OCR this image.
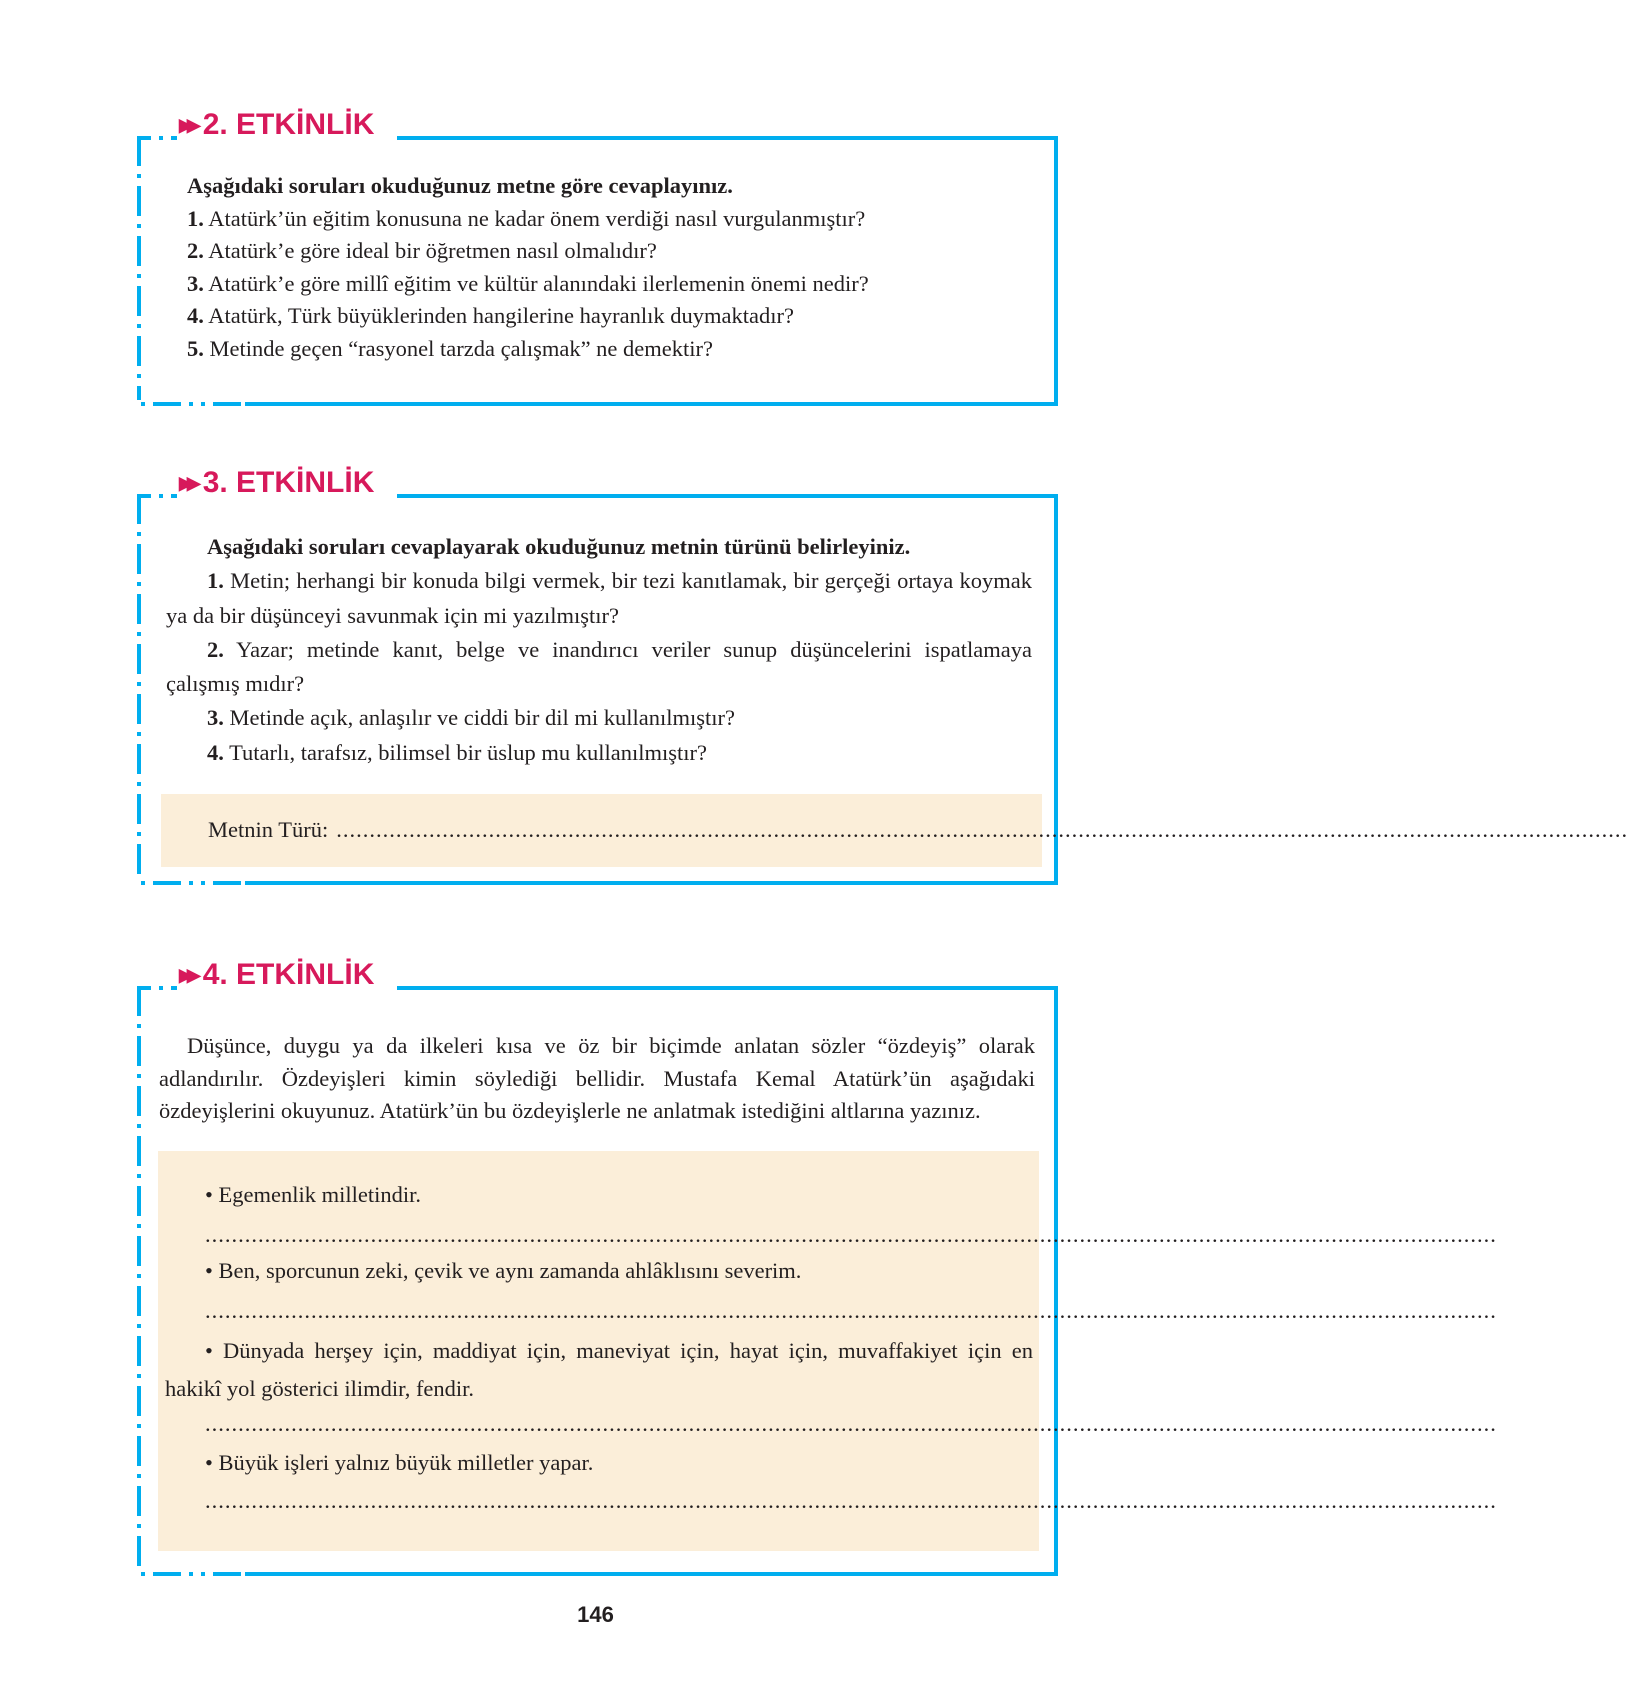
▶▶ 2. ETKİNLİK

Aşağıdaki soruları okuduğunuz metne göre cevaplayınız.

1. Atatürk’ün eğitim konusuna ne kadar önem verdiği nasıl vurgulanmıştır?

2. Atatürk’e göre ideal bir öğretmen nasıl olmalıdır?

3. Atatürk’e göre millî eğitim ve kültür alanındaki ilerlemenin önemi nedir?

4. Atatürk, Türk büyüklerinden hangilerine hayranlık duymaktadır?

5. Metinde geçen “rasyonel tarzda çalışmak” ne demektir?

▶▶ 3. ETKİNLİK

Aşağıdaki soruları cevaplayarak okuduğunuz metnin türünü belirleyiniz.

1. Metin; herhangi bir konuda bilgi vermek, bir tezi kanıtlamak, bir gerçeği ortaya koymak ya da bir düşünceyi savunmak için mi yazılmıştır?

2. Yazar; metinde kanıt, belge ve inandırıcı veriler sunup düşüncelerini ispatlamaya çalışmış mıdır?

3. Metinde açık, anlaşılır ve ciddi bir dil mi kullanılmıştır?

4. Tutarlı, tarafsız, bilimsel bir üslup mu kullanılmıştır?

Metnin Türü: ...................................................................................................................................................................................................
▶▶ 4. ETKİNLİK
Düşünce, duygu ya da ilkeleri kısa ve öz bir biçimde anlatan sözler “özdeyiş” olarak adlandırılır. Özdeyişleri kimin söylediği bellidir. Mustafa Kemal Atatürk’ün aşağıdaki özdeyişlerini okuyunuz. Atatürk’ün bu özdeyişlerle ne anlatmak istediğini altlarına yazınız.
• Egemenlik milletindir.
...................................................................................................................................................................................................
• Ben, sporcunun zeki, çevik ve aynı zamanda ahlâklısını severim.
...................................................................................................................................................................................................
• Dünyada herşey için, maddiyat için, maneviyat için, hayat için, muvaffakiyet için en hakikî yol gösterici ilimdir, fendir.
...................................................................................................................................................................................................
• Büyük işleri yalnız büyük milletler yapar.
...................................................................................................................................................................................................
146
